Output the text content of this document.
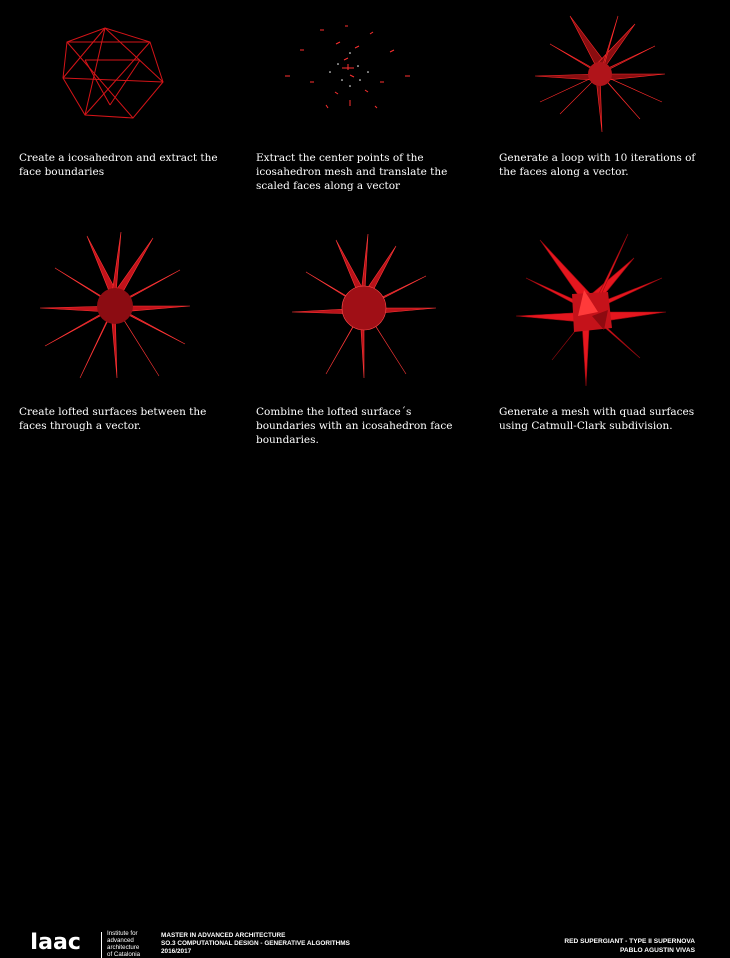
Create a icosahedron and extract the face boundaries
Extract the center points of the icosahedron mesh and translate the scaled faces along a vector
Generate a loop with 10 iterations of the faces along a vector.
Create lofted surfaces between the faces through a vector.
Combine the lofted surface´s boundaries with an icosahedron face boundaries.
Generate a mesh with quad surfaces using Catmull-Clark subdivision.
Iaac	Institute for
advanced
architecture
of Catalonia
MASTER IN ADVANCED ARCHITECTURE
SO.3 COMPUTATIONAL DESIGN - GENERATIVE ALGORITHMS
2016/2017
RED SUPERGIANT - TYPE II SUPERNOVA
PABLO AGUSTIN VIVAS
